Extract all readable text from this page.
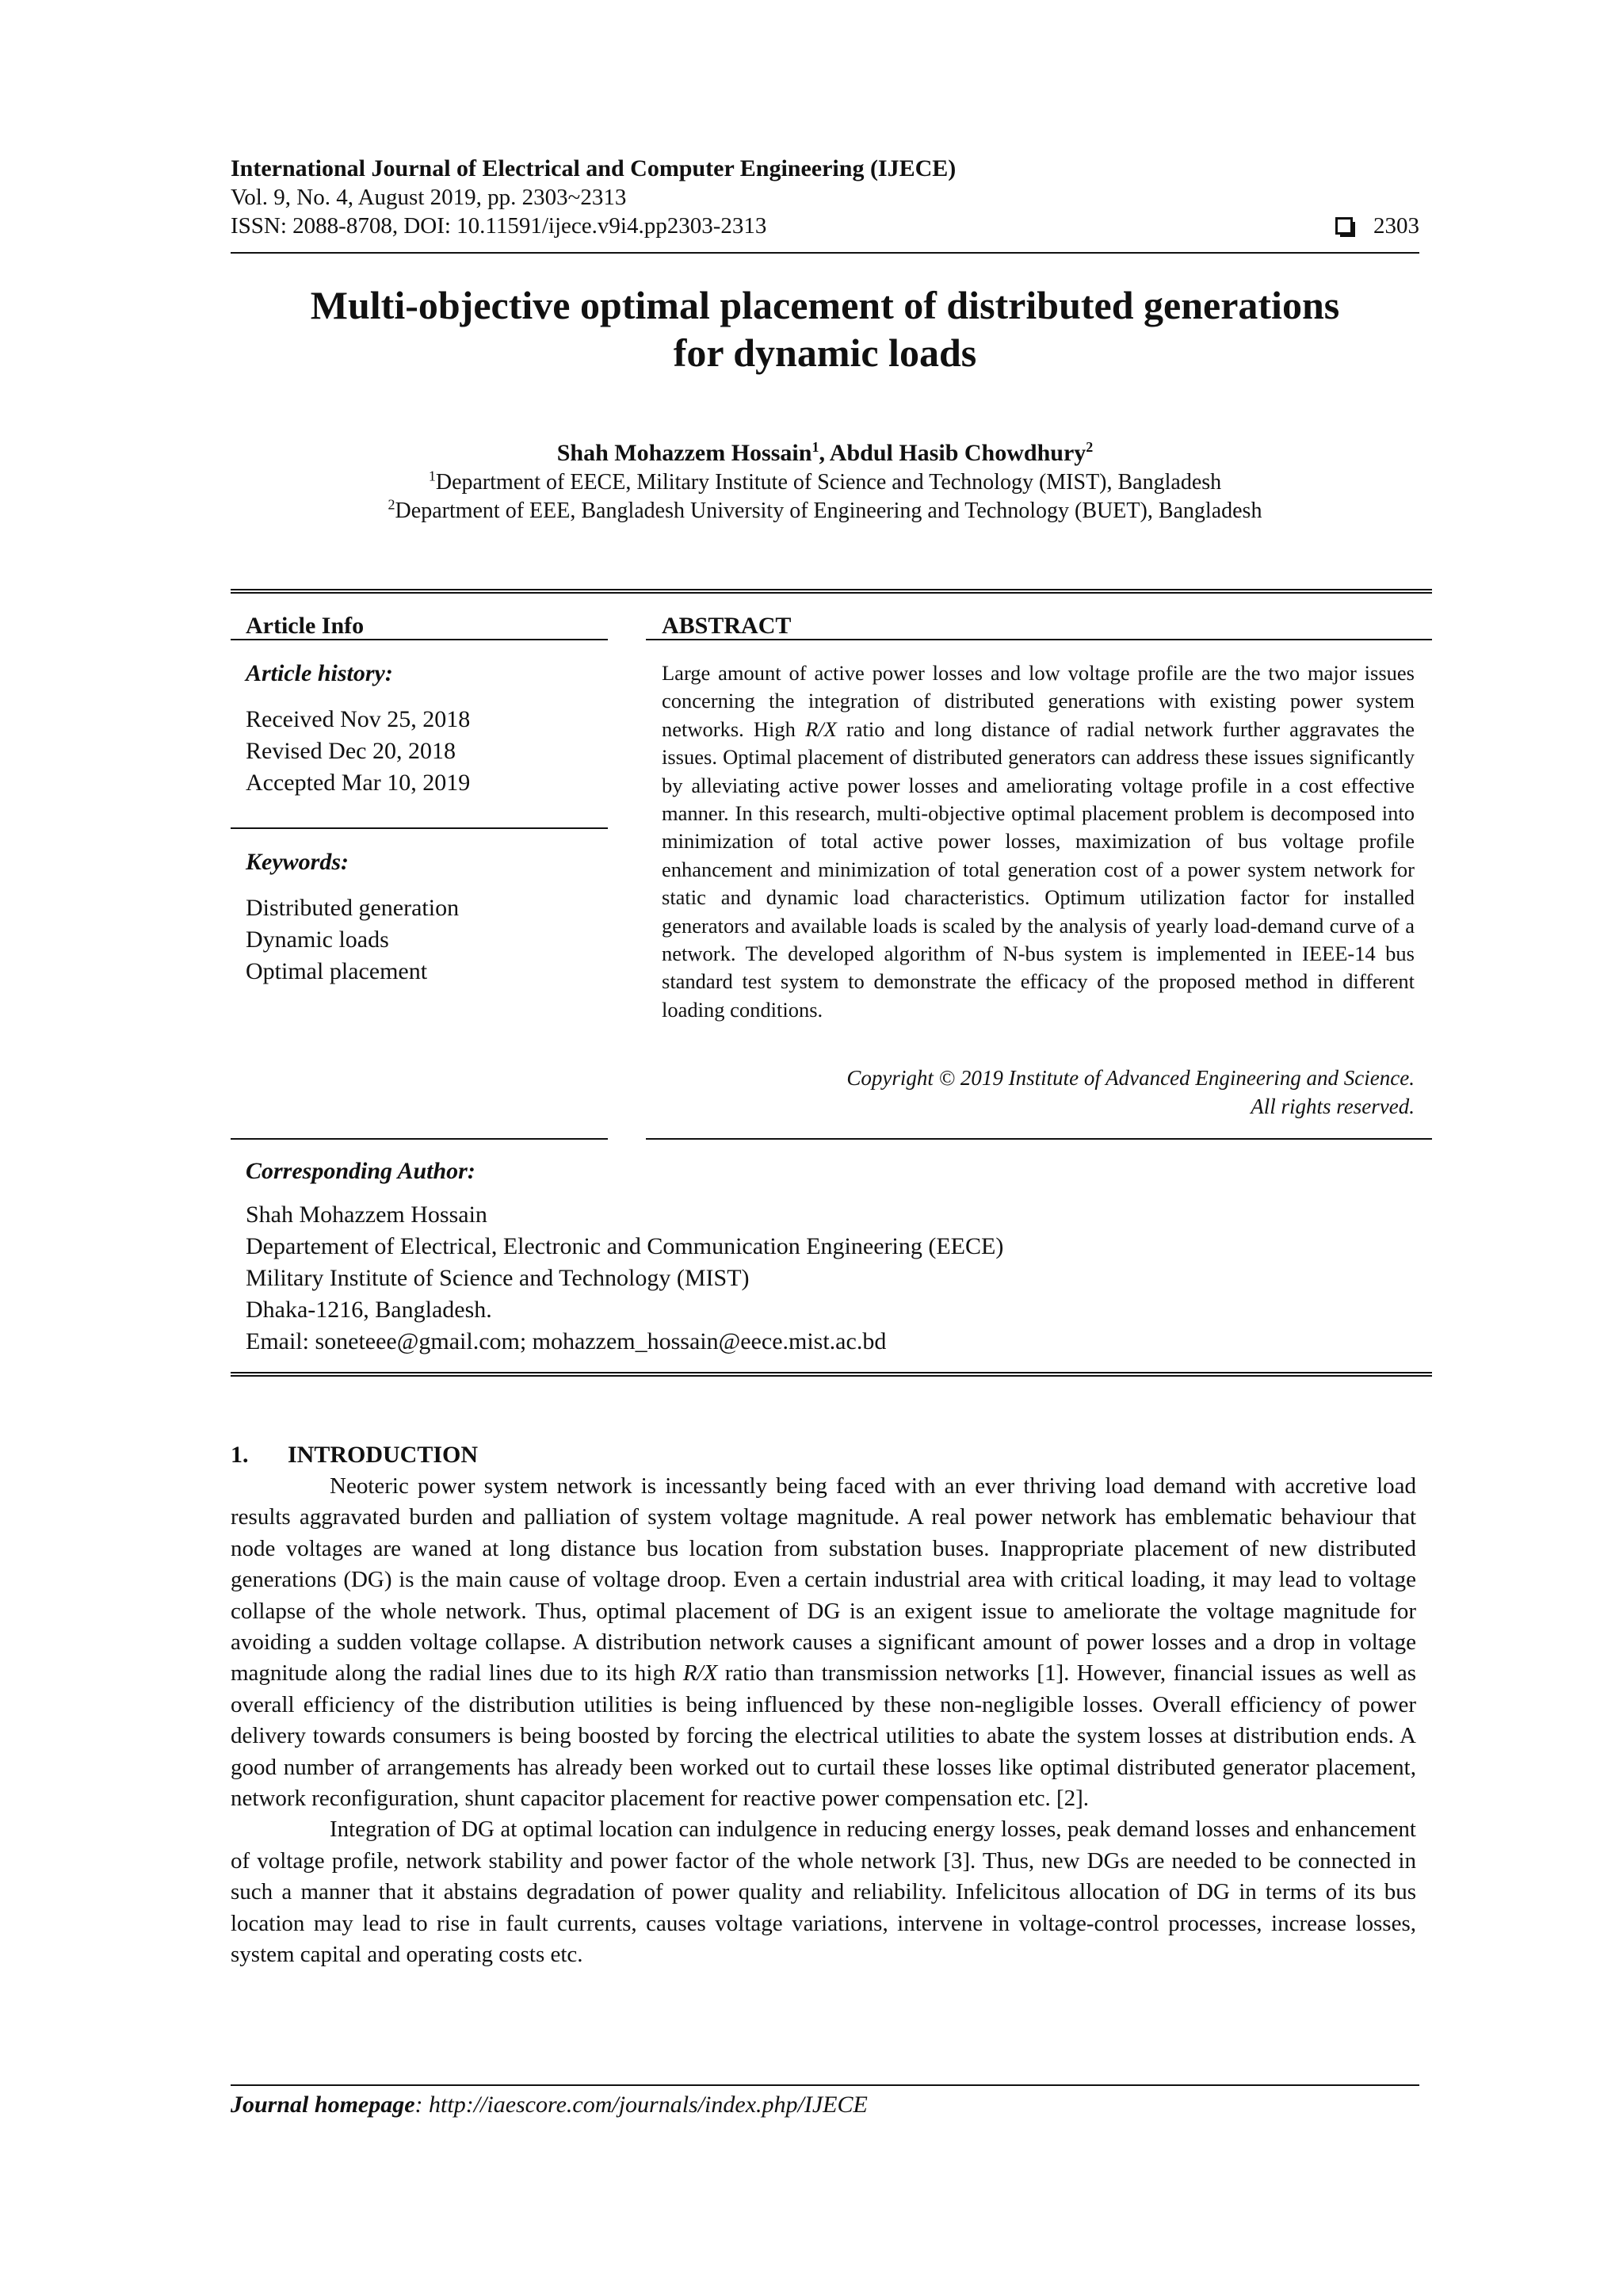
International Journal of Electrical and Computer Engineering (IJECE)
Vol. 9, No. 4, August 2019, pp. 2303~2313
ISSN: 2088-8708, DOI: 10.11591/ijece.v9i4.pp2303-2313	2303
Multi-objective optimal placement of distributed generations
for dynamic loads
Shah Mohazzem Hossain$^1$, Abdul Hasib Chowdhury$^2$
$^1$Department of EECE, Military Institute of Science and Technology (MIST), Bangladesh
$^2$Department of EEE, Bangladesh University of Engineering and Technology (BUET), Bangladesh
Article Info
Article history:
Received Nov 25, 2018
Revised Dec 20, 2018
Accepted Mar 10, 2019
Keywords:
Distributed generation
Dynamic loads
Optimal placement
ABSTRACT
Large amount of active power losses and low voltage profile are the two major issues concerning the integration of distributed generations with existing power system networks. High R/X ratio and long distance of radial network further aggravates the issues. Optimal placement of distributed generators can address these issues significantly by alleviating active power losses and ameliorating voltage profile in a cost effective manner. In this research, multi-objective optimal placement problem is decomposed into minimization of total active power losses, maximization of bus voltage profile enhancement and minimization of total generation cost of a power system network for static and dynamic load characteristics. Optimum utilization factor for installed generators and available loads is scaled by the analysis of yearly load-demand curve of a network. The developed algorithm of N-bus system is implemented in IEEE-14 bus standard test system to demonstrate the efficacy of the proposed method in different loading conditions.
Copyright © 2019 Institute of Advanced Engineering and Science.
All rights reserved.
Corresponding Author:
Shah Mohazzem Hossain
Departement of Electrical, Electronic and Communication Engineering (EECE)
Military Institute of Science and Technology (MIST)
Dhaka-1216, Bangladesh.
Email: soneteee@gmail.com; mohazzem_hossain@eece.mist.ac.bd
1. INTRODUCTION

Neoteric power system network is incessantly being faced with an ever thriving load demand with accretive load results aggravated burden and palliation of system voltage magnitude. A real power network has emblematic behaviour that node voltages are waned at long distance bus location from substation buses. Inappropriate placement of new distributed generations (DG) is the main cause of voltage droop. Even a certain industrial area with critical loading, it may lead to voltage collapse of the whole network. Thus, optimal placement of DG is an exigent issue to ameliorate the voltage magnitude for avoiding a sudden voltage collapse. A distribution network causes a significant amount of power losses and a drop in voltage magnitude along the radial lines due to its high R/X ratio than transmission networks [1]. However, financial issues as well as overall efficiency of the distribution utilities is being influenced by these non-negligible losses. Overall efficiency of power delivery towards consumers is being boosted by forcing the electrical utilities to abate the system losses at distribution ends. A good number of arrangements has already been worked out to curtail these losses like optimal distributed generator placement, network reconfiguration, shunt capacitor placement for reactive power compensation etc. [2].

Integration of DG at optimal location can indulgence in reducing energy losses, peak demand losses and enhancement of voltage profile, network stability and power factor of the whole network [3]. Thus, new DGs are needed to be connected in such a manner that it abstains degradation of power quality and reliability. Infelicitous allocation of DG in terms of its bus location may lead to rise in fault currents, causes voltage variations, intervene in voltage-control processes, increase losses, system capital and operating costs etc.

Journal homepage: http://iaescore.com/journals/index.php/IJECE
